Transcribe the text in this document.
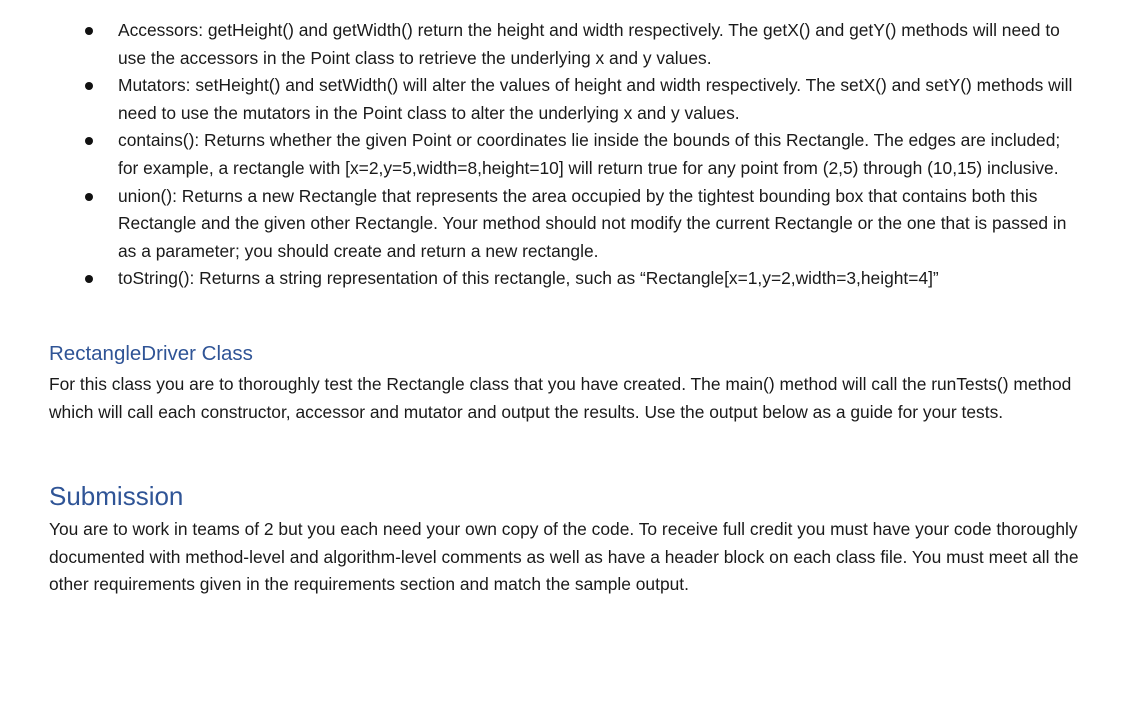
Accessors: getHeight() and getWidth() return the height and width respectively. The getX() and getY() methods will need to use the accessors in the Point class to retrieve the underlying x and y values.
Mutators: setHeight() and setWidth() will alter the values of height and width respectively. The setX() and setY() methods will need to use the mutators in the Point class to alter the underlying x and y values.
contains(): Returns whether the given Point or coordinates lie inside the bounds of this Rectangle. The edges are included; for example, a rectangle with [x=2,y=5,width=8,height=10] will return true for any point from (2,5) through (10,15) inclusive.
union(): Returns a new Rectangle that represents the area occupied by the tightest bounding box that contains both this Rectangle and the given other Rectangle. Your method should not modify the current Rectangle or the one that is passed in as a parameter; you should create and return a new rectangle.
toString(): Returns a string representation of this rectangle, such as “Rectangle[x=1,y=2,width=3,height=4]”
RectangleDriver Class

For this class you are to thoroughly test the Rectangle class that you have created. The main() method will call the runTests() method which will call each constructor, accessor and mutator and output the results. Use the output below as a guide for your tests.

Submission

You are to work in teams of 2 but you each need your own copy of the code. To receive full credit you must have your code thoroughly documented with method-level and algorithm-level comments as well as have a header block on each class file. You must meet all the other requirements given in the requirements section and match the sample output.
